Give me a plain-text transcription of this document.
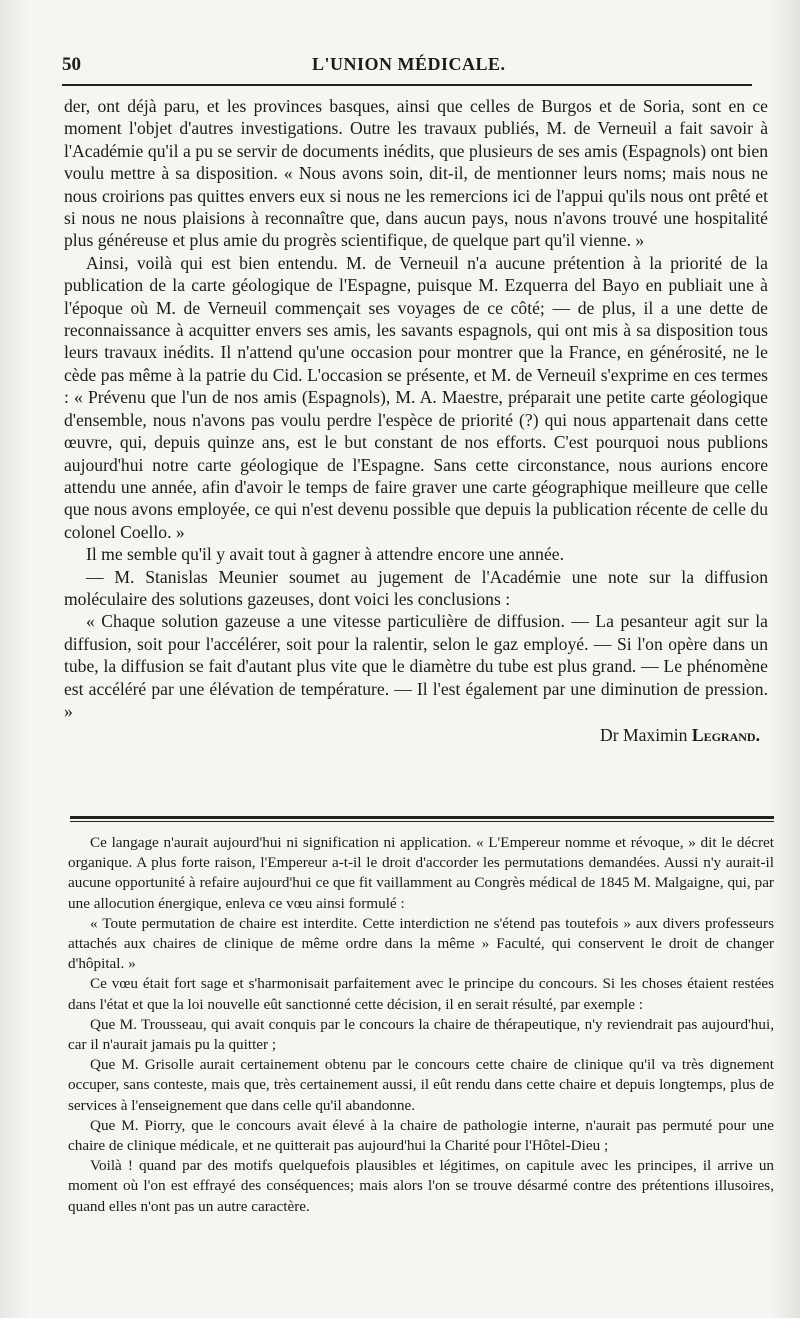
50	L'UNION MÉDICALE.

der, ont déjà paru, et les provinces basques, ainsi que celles de Burgos et de Soria, sont en ce moment l'objet d'autres investigations. Outre les travaux publiés, M. de Verneuil a fait savoir à l'Académie qu'il a pu se servir de documents inédits, que plusieurs de ses amis (Espagnols) ont bien voulu mettre à sa disposition. « Nous avons soin, dit-il, de mentionner leurs noms; mais nous ne nous croirions pas quittes envers eux si nous ne les remercions ici de l'appui qu'ils nous ont prêté et si nous ne nous plaisions à reconnaître que, dans aucun pays, nous n'avons trouvé une hospitalité plus généreuse et plus amie du progrès scientifique, de quelque part qu'il vienne. »

Ainsi, voilà qui est bien entendu. M. de Verneuil n'a aucune prétention à la priorité de la publication de la carte géologique de l'Espagne, puisque M. Ezquerra del Bayo en publiait une à l'époque où M. de Verneuil commençait ses voyages de ce côté; — de plus, il a une dette de reconnaissance à acquitter envers ses amis, les savants espagnols, qui ont mis à sa disposition tous leurs travaux inédits. Il n'attend qu'une occasion pour montrer que la France, en générosité, ne le cède pas même à la patrie du Cid. L'occasion se présente, et M. de Verneuil s'exprime en ces termes : « Prévenu que l'un de nos amis (Espagnols), M. A. Maestre, préparait une petite carte géologique d'ensemble, nous n'avons pas voulu perdre l'espèce de priorité (?) qui nous appartenait dans cette œuvre, qui, depuis quinze ans, est le but constant de nos efforts. C'est pourquoi nous publions aujourd'hui notre carte géologique de l'Espagne. Sans cette circonstance, nous aurions encore attendu une année, afin d'avoir le temps de faire graver une carte géographique meilleure que celle que nous avons employée, ce qui n'est devenu possible que depuis la publication récente de celle du colonel Coello. »

Il me semble qu'il y avait tout à gagner à attendre encore une année.

— M. Stanislas Meunier soumet au jugement de l'Académie une note sur la diffusion moléculaire des solutions gazeuses, dont voici les conclusions :

« Chaque solution gazeuse a une vitesse particulière de diffusion. — La pesanteur agit sur la diffusion, soit pour l'accélérer, soit pour la ralentir, selon le gaz employé. — Si l'on opère dans un tube, la diffusion se fait d'autant plus vite que le diamètre du tube est plus grand. — Le phénomène est accéléré par une élévation de température. — Il l'est également par une diminution de pression. »

Dr Maximin Legrand.

Ce langage n'aurait aujourd'hui ni signification ni application. « L'Empereur nomme et révoque, » dit le décret organique. A plus forte raison, l'Empereur a-t-il le droit d'accorder les permutations demandées. Aussi n'y aurait-il aucune opportunité à refaire aujourd'hui ce que fit vaillamment au Congrès médical de 1845 M. Malgaigne, qui, par une allocution énergique, enleva ce vœu ainsi formulé :

« Toute permutation de chaire est interdite. Cette interdiction ne s'étend pas toutefois » aux divers professeurs attachés aux chaires de clinique de même ordre dans la même » Faculté, qui conservent le droit de changer d'hôpital. »

Ce vœu était fort sage et s'harmonisait parfaitement avec le principe du concours. Si les choses étaient restées dans l'état et que la loi nouvelle eût sanctionné cette décision, il en serait résulté, par exemple :

Que M. Trousseau, qui avait conquis par le concours la chaire de thérapeutique, n'y reviendrait pas aujourd'hui, car il n'aurait jamais pu la quitter ;

Que M. Grisolle aurait certainement obtenu par le concours cette chaire de clinique qu'il va très dignement occuper, sans conteste, mais que, très certainement aussi, il eût rendu dans cette chaire et depuis longtemps, plus de services à l'enseignement que dans celle qu'il abandonne.

Que M. Piorry, que le concours avait élevé à la chaire de pathologie interne, n'aurait pas permuté pour une chaire de clinique médicale, et ne quitterait pas aujourd'hui la Charité pour l'Hôtel-Dieu ;

Voilà ! quand par des motifs quelquefois plausibles et légitimes, on capitule avec les principes, il arrive un moment où l'on est effrayé des conséquences; mais alors l'on se trouve désarmé contre des prétentions illusoires, quand elles n'ont pas un autre caractère.
